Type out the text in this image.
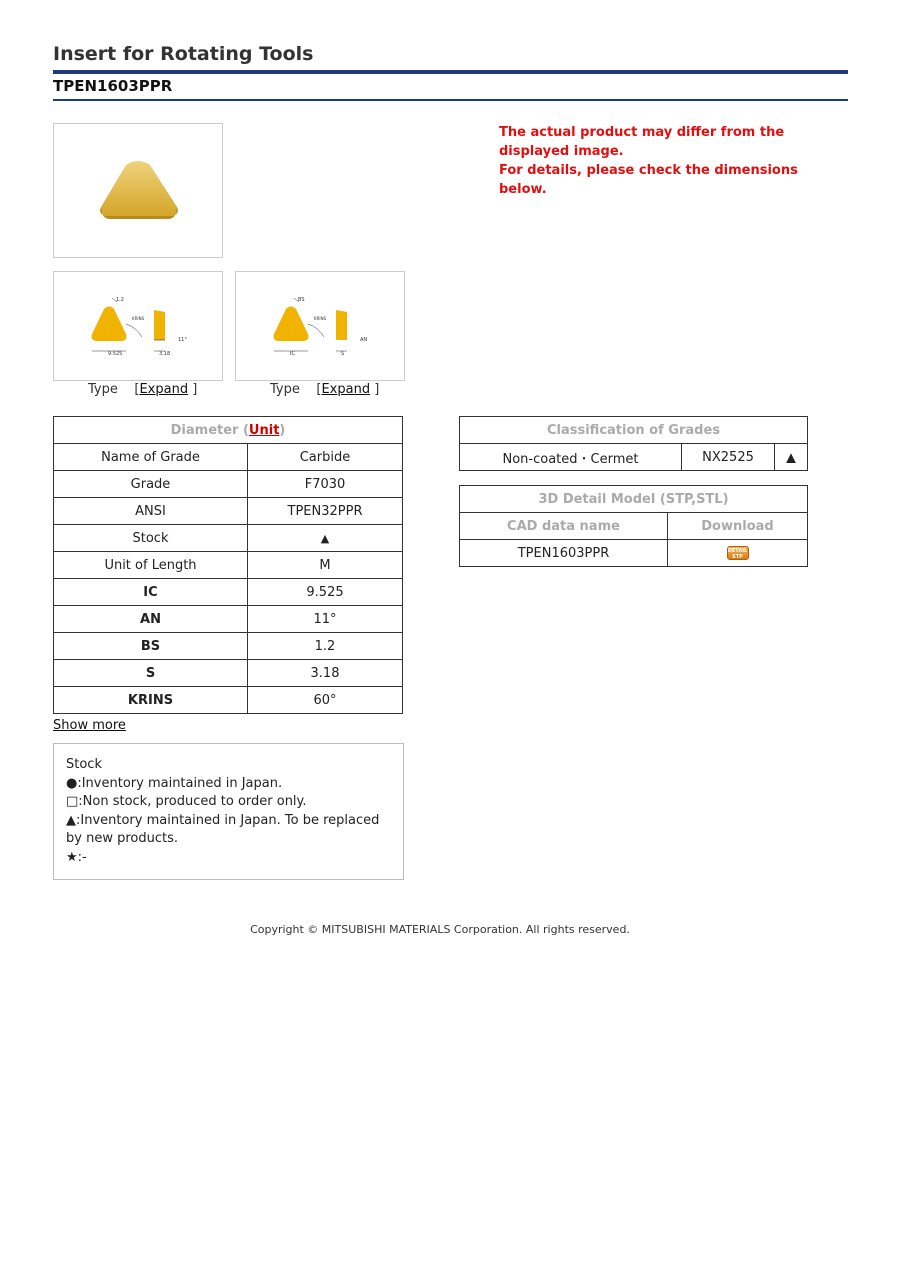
Insert for Rotating Tools
TPEN1603PPR
1.2
KRINS
11°
9.525	3.18
BS
KRINS
AN
IC	S
Type    [Expand ]	Type    [Expand ]
The actual product may differ from the displayed image.
For details, please check the dimensions below.
Diameter (Unit)	
Name of Grade	Carbide
Grade	F7030
ANSI	TPEN32PPR
Stock	▲
Unit of Length	M
IC	9.525
AN	11°
BS	1.2
S	3.18
KRINS	60°
Show more
Classification of Grades
Non-coated・Cermet	NX2525	▲
3D Detail Model (STP,STL)	
CAD data name	Download
TPEN1603PPR	DETAIL
STP
Stock
●:Inventory maintained in Japan.
□:Non stock, produced to order only.
▲:Inventory maintained in Japan. To be replaced by new products.
★:-
Copyright © MITSUBISHI MATERIALS Corporation. All rights reserved.
